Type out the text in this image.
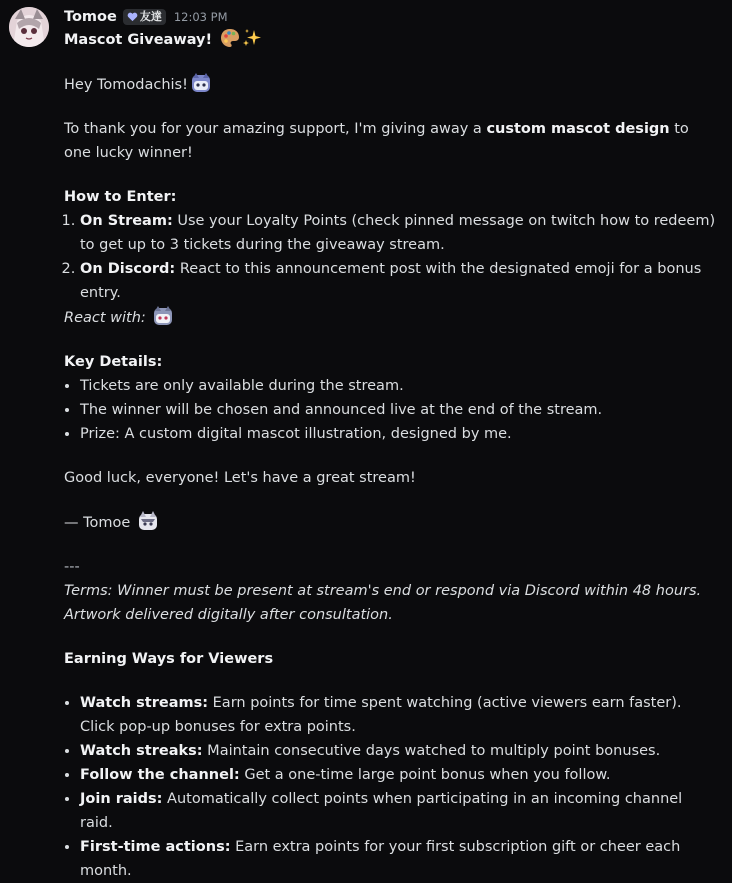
Tomoe 友達 12:03 PM

Mascot Giveaway!

Hey Tomodachis!

To thank you for your amazing support, I'm giving away a custom mascot design to one lucky winner!

How to Enter:

1. On Stream: Use your Loyalty Points (check pinned message on twitch how to redeem) to get up to 3 tickets during the giveaway stream.
2. On Discord: React to this announcement post with the designated emoji for a bonus entry.

React with:

Key Details:

• Tickets are only available during the stream.
• The winner will be chosen and announced live at the end of the stream.
• Prize: A custom digital mascot illustration, designed by me.

Good luck, everyone! Let's have a great stream!

— Tomoe

---

Terms: Winner must be present at stream's end or respond via Discord within 48 hours.

Artwork delivered digitally after consultation.

Earning Ways for Viewers

• Watch streams: Earn points for time spent watching (active viewers earn faster). Click pop-up bonuses for extra points.
• Watch streaks: Maintain consecutive days watched to multiply point bonuses.
• Follow the channel: Get a one-time large point bonus when you follow.
• Join raids: Automatically collect points when participating in an incoming channel raid.
• First-time actions: Earn extra points for your first subscription gift or cheer each month.
